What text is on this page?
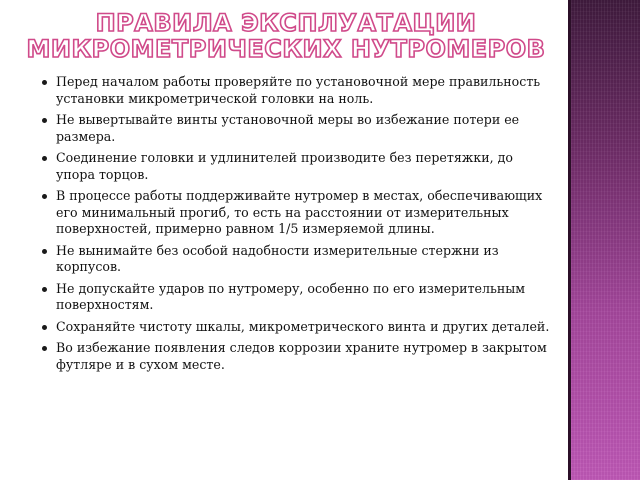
ПРАВИЛА ЭКСПЛУАТАЦИИ МИКРОМЕТРИЧЕСКИХ НУТРОМЕРОВ
Перед началом работы проверяйте по установочной мере правильность установки микрометрической головки на ноль.
Не вывертывайте винты установочной меры во избежание потери ее размера.
Соединение головки и удлинителей производите без перетяжки, до упора торцов.
В процессе работы поддерживайте нутромер в местах, обеспечивающих его минимальный прогиб, то есть на расстоянии от измерительных поверхностей, примерно равном 1/5 измеряемой длины.
Не вынимайте без особой надобности измерительные стержни из корпусов.
Не допускайте ударов по нутромеру, особенно по его измерительным поверхностям.
Сохраняйте чистоту шкалы, микрометрического винта и других деталей.
Во избежание появления следов коррозии храните нутромер в закрытом футляре и в сухом месте.
